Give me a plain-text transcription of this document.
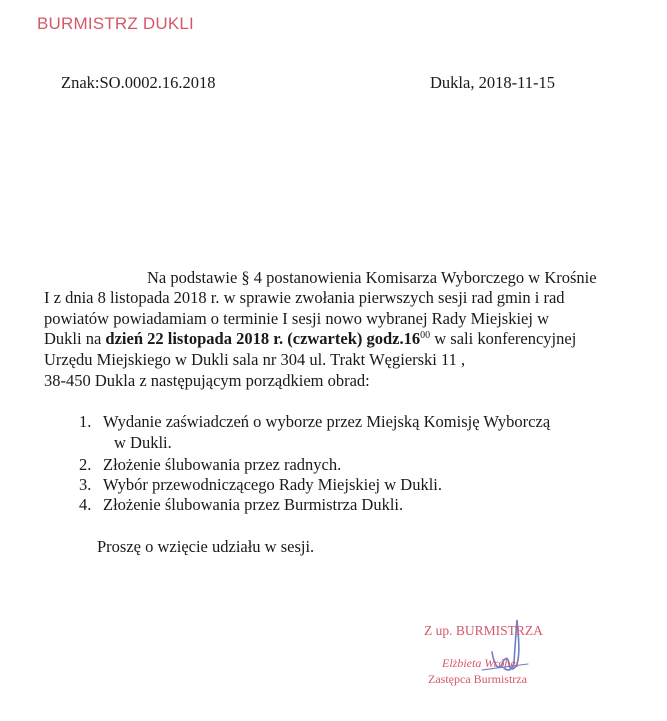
BURMISTRZ DUKLI
Znak:SO.0002.16.2018	Dukla, 2018-11-15
Na podstawie § 4 postanowienia Komisarza Wyborczego w Krośnie
I z dnia 8 listopada 2018 r. w sprawie zwołania pierwszych sesji rad gmin i rad
powiatów powiadamiam o terminie I sesji nowo wybranej Rady Miejskiej w
Dukli na dzień 22 listopada 2018 r. (czwartek) $godz.16^{00}$ w sali konferencyjnej
Urzędu Miejskiego w Dukli sala nr 304 ul. Trakt Węgierski 11 ,
38-450 Dukla z następującym porządkiem obrad:
1. Wydanie zaświadczeń o wyborze przez Miejską Komisję Wyborczą
w Dukli.
2. Złożenie ślubowania przez radnych.
3. Wybór przewodniczącego Rady Miejskiej w Dukli.
4. Złożenie ślubowania przez Burmistrza Dukli.
Proszę o wzięcie udziału w sesji.
Z up. BURMISTRZA
Elżbieta Wróbel
Zastępca Burmistrza
